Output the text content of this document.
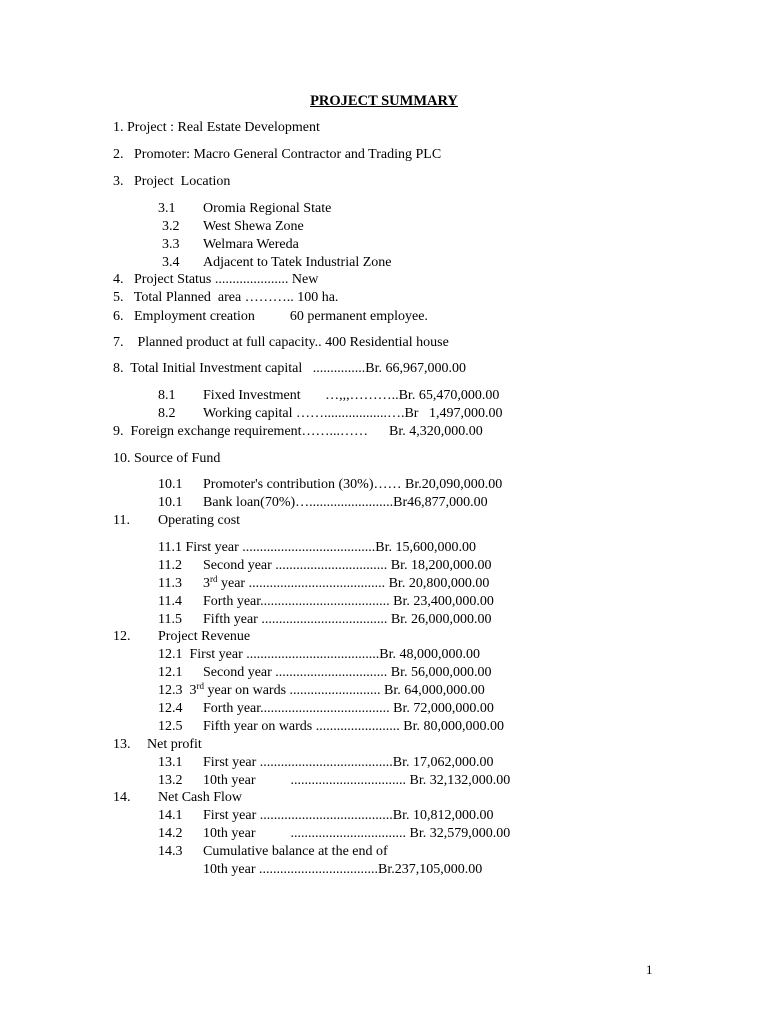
PROJECT SUMMARY
1. Project : Real Estate Development
2.   Promoter: Macro General Contractor and Trading PLC
3.   Project  Location
3.1 Oromia Regional State
3.2 West Shewa Zone
3.3 Welmara Wereda
3.4 Adjacent to Tatek Industrial Zone
4.   Project Status ..................... New
5.   Total Planned  area ……….. 100 ha.
6.   Employment creation          60 permanent employee.
7.    Planned product at full capacity.. 400 Residential house
8.  Total Initial Investment capital   ...............Br. 66,967,000.00
8.1 Fixed Investment       …,,,………..Br. 65,470,000.00
8.2 Working capital ……..................….Br   1,497,000.00
9.  Foreign exchange requirement……...……      Br. 4,320,000.00
10. Source of Fund
10.1 Promoter's contribution (30%)…… Br.20,090,000.00
10.1 Bank loan(70%)…........................Br46,877,000.00
11. Operating cost
11.1 First year ......................................Br. 15,600,000.00
11.2 Second year ................................ Br. 18,200,000.00
11.3 3rd year ....................................... Br. 20,800,000.00
11.4 Forth year..................................... Br. 23,400,000.00
11.5 Fifth year .................................... Br. 26,000,000.00
12. Project Revenue
12.1  First year ......................................Br. 48,000,000.00
12.1 Second year ................................ Br. 56,000,000.00
12.3  3rd year on wards .......................... Br. 64,000,000.00
12.4 Forth year..................................... Br. 72,000,000.00
12.5 Fifth year on wards ........................ Br. 80,000,000.00
13. Net profit
13.1 First year ......................................Br. 17,062,000.00
13.2 10th year          ................................. Br. 32,132,000.00
14. Net Cash Flow
14.1 First year ......................................Br. 10,812,000.00
14.2 10th year          ................................. Br. 32,579,000.00
14.3 Cumulative balance at the end of
10th year ..................................Br.237,105,000.00
1
